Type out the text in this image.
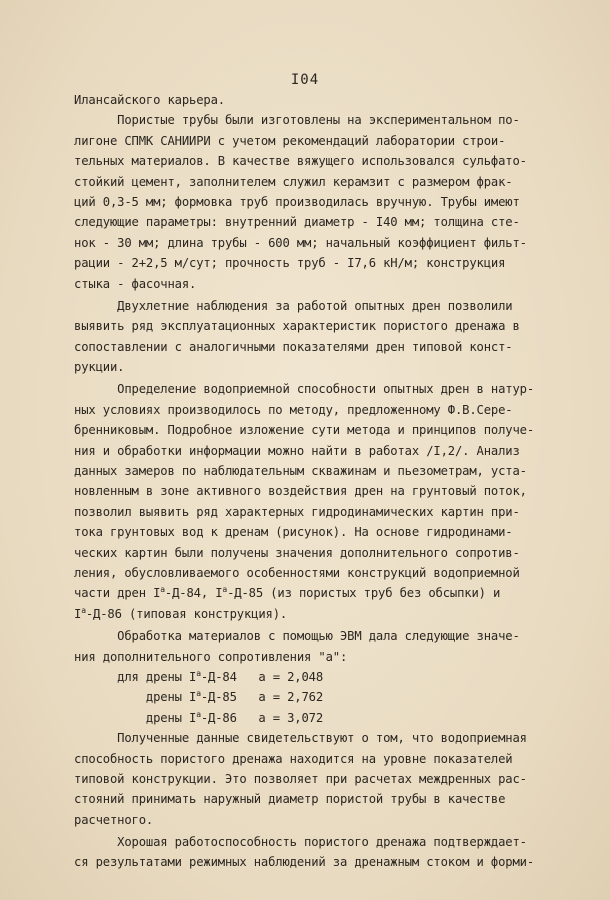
I04
Илансайского карьера.
Пористые трубы были изготовлены на экспериментальном по-
лигоне СПМК САНИИРИ с учетом рекомендаций лаборатории строи-
тельных материалов. В качестве вяжущего использовался сульфато-
стойкий цемент, заполнителем служил керамзит с размером фрак-
ций 0,3-5 мм; формовка труб производилась вручную. Трубы имеют
следующие параметры: внутренний диаметр - I40 мм; толщина сте-
нок - 30 мм; длина трубы - 600 мм; начальный коэффициент фильт-
рации - 2+2,5 м/сут; прочность труб - I7,6 кН/м; конструкция
стыка - фасочная.
Двухлетние наблюдения за работой опытных дрен позволили
выявить ряд эксплуатационных характеристик пористого дренажа в
сопоставлении с аналогичными показателями дрен типовой конст-
рукции.
Определение водоприемной способности опытных дрен в натур-
ных условиях производилось по методу, предложенному Ф.В.Сере-
бренниковым. Подробное изложение сути метода и принципов получе-
ния и обработки информации можно найти в работах /I,2/. Анализ
данных замеров по наблюдательным скважинам и пьезометрам, уста-
новленным в зоне активного воздействия дрен на грунтовый поток,
позволил выявить ряд характерных гидродинамических картин при-
тока грунтовых вод к дренам (рисунок). На основе гидродинами-
ческих картин были получены значения дополнительного сопротив-
ления, обусловливаемого особенностями конструкций водоприемной
части дрен $I^а-Д-84$, $I^а-Д-85$ (из пористых труб без обсыпки) и
$I^а-Д-86$ (типовая конструкция).
Обработка материалов с помощью ЭВМ дала следующие значе-
ния дополнительного сопротивления "а":
для дрены $I^а-Д-84$ а = 2,048
дрены $I^а-Д-85$ а = 2,762
дрены $I^а-Д-86$ а = 3,072
Полученные данные свидетельствуют о том, что водоприемная
способность пористого дренажа находится на уровне показателей
типовой конструкции. Это позволяет при расчетах междренных рас-
стояний принимать наружный диаметр пористой трубы в качестве
расчетного.
Хорошая работоспособность пористого дренажа подтверждает-
ся результатами режимных наблюдений за дренажным стоком и форми-
